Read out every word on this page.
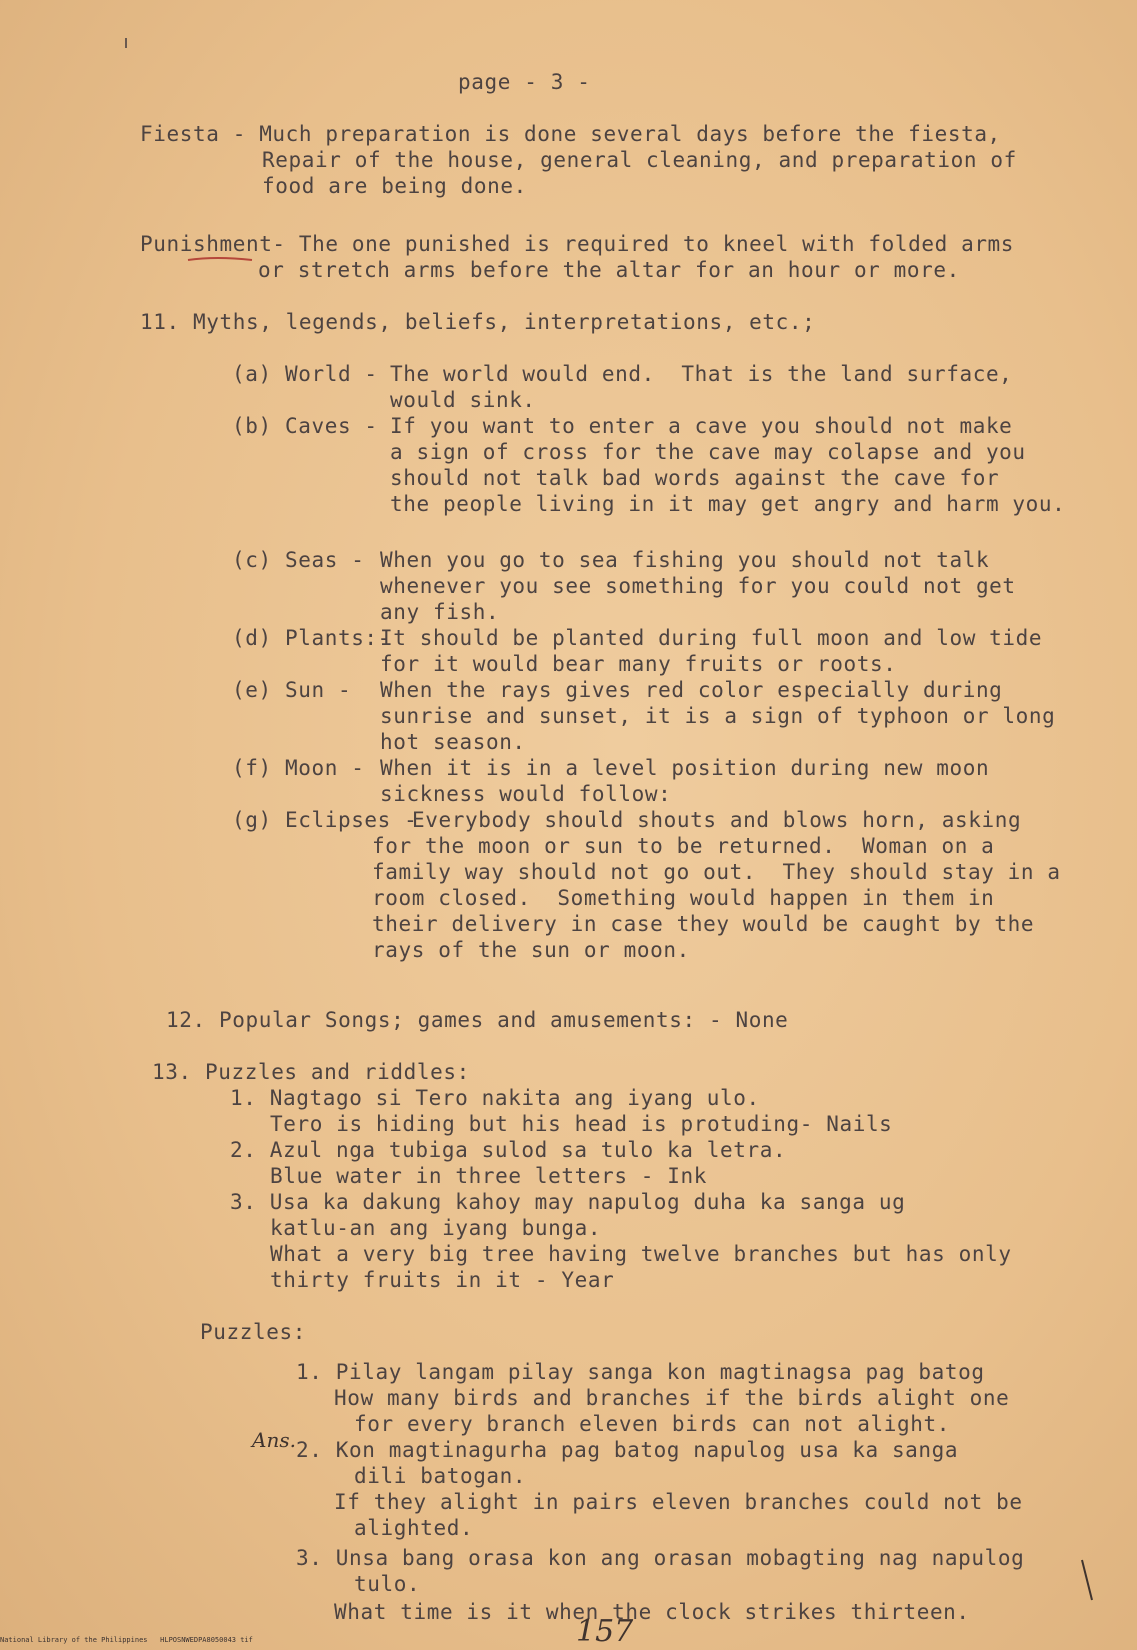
page - 3 -
Fiesta - Much preparation is done several days before the fiesta,
Repair of the house, general cleaning, and preparation of
food are being done.
Punishment- The one punished is required to kneel with folded arms
or stretch arms before the altar for an hour or more.
11. Myths, legends, beliefs, interpretations, etc.;
(a) World - The world would end.  That is the land surface,
would sink.
(b) Caves - If you want to enter a cave you should not make
a sign of cross for the cave may colapse and you
should not talk bad words against the cave for
the people living in it may get angry and harm you.
(c) Seas - When you go to sea fishing you should not talk
whenever you see something for you could not get
any fish.
(d) Plants:-
It should be planted during full moon and low tide
for it would bear many fruits or roots.
(e) Sun - When the rays gives red color especially during
sunrise and sunset, it is a sign of typhoon or long
hot season.
(f) Moon - When it is in a level position during new moon
sickness would follow:
(g) Eclipses -
Everybody should shouts and blows horn, asking
for the moon or sun to be returned.  Woman on a
family way should not go out.  They should stay in a
room closed.  Something would happen in them in
their delivery in case they would be caught by the
rays of the sun or moon.
12. Popular Songs; games and amusements: - None
13. Puzzles and riddles:
1. Nagtago si Tero nakita ang iyang ulo.
Tero is hiding but his head is protuding- Nails
2. Azul nga tubiga sulod sa tulo ka letra.
Blue water in three letters - Ink
3. Usa ka dakung kahoy may napulog duha ka sanga ug
katlu-an ang iyang bunga.
What a very big tree having twelve branches but has only
thirty fruits in it - Year
Puzzles:
1. Pilay langam pilay sanga kon magtinagsa pag batog
How many birds and branches if the birds alight one
for every branch eleven birds can not alight.
2. Kon magtinagurha pag batog napulog usa ka sanga
dili batogan.
If they alight in pairs eleven branches could not be
alighted.
3. Unsa bang orasa kon ang orasan mobagting nag napulog
tulo.
What time is it when the clock strikes thirteen.
Ans.
157
National Library of the Philippines   HLPOSNWEDPA8050043 tif
